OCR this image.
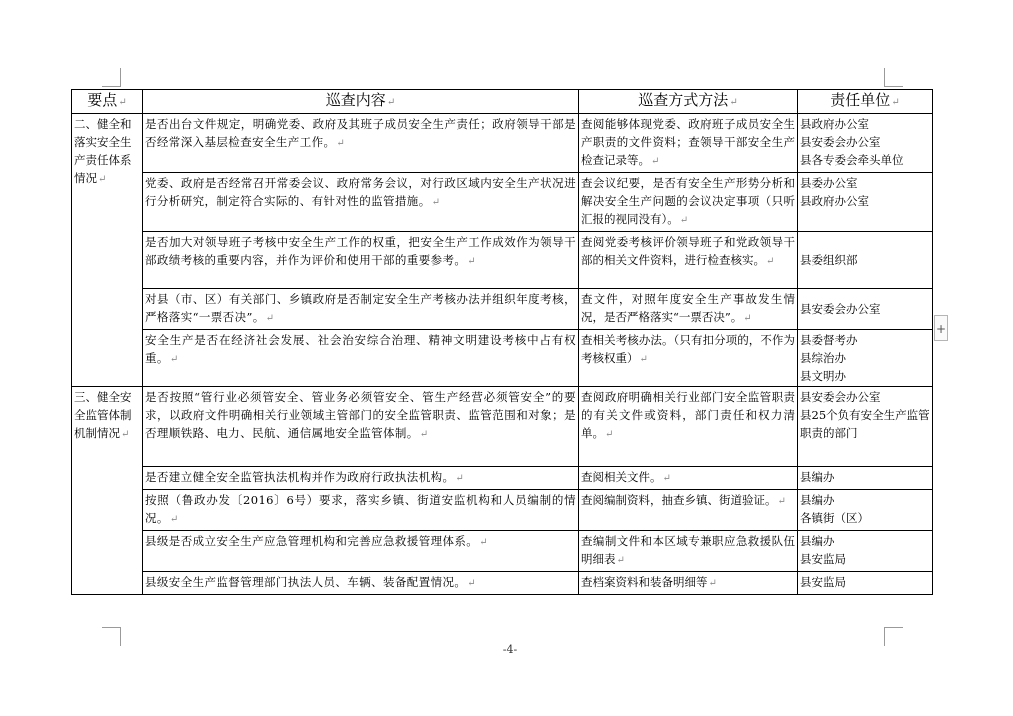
+
要点↵	巡查内容↵	巡查方式方法↵	责任单位↵
二、健全和落实安全生产责任体系情况↵	是否出台文件规定，明确党委、政府及其班子成员安全生产责任；政府领导干部是否经常深入基层检查安全生产工作。↵	查阅能够体现党委、政府班子成员安全生产职责的文件资料；查领导干部安全生产检查记录等。↵	县政府办公室
县安委会办公室
县各专委会牵头单位

	党委、政府是否经常召开常委会议、政府常务会议，对行政区域内安全生产状况进行分析研究，制定符合实际的、有针对性的监管措施。↵	查会议纪要，是否有安全生产形势分析和解决安全生产问题的会议决定事项（只听汇报的视同没有）。↵	县委办公室
县政府办公室

	是否加大对领导班子考核中安全生产工作的权重，把安全生产工作成效作为领导干部政绩考核的重要内容，并作为评价和使用干部的重要参考。↵	查阅党委考核评价领导班子和党政领导干部的相关文件资料，进行检查核实。↵	县委组织部

	对县（市、区）有关部门、乡镇政府是否制定安全生产考核办法并组织年度考核，严格落实“一票否决”。↵	查文件，对照年度安全生产事故发生情况，是否严格落实“一票否决”。↵	县安委会办公室

	安全生产是否在经济社会发展、社会治安综合治理、精神文明建设考核中占有权重。↵	查相关考核办法。（只有扣分项的，不作为考核权重）↵	县委督考办
县综治办
县文明办

三、健全安全监管体制机制情况↵	是否按照“管行业必须管安全、管业务必须管安全、管生产经营必须管安全”的要求，以政府文件明确相关行业领域主管部门的安全监管职责、监管范围和对象；是否理顺铁路、电力、民航、通信属地安全监管体制。↵	查阅政府明确相关行业部门安全监管职责的有关文件或资料，部门责任和权力清单。↵	县安委会办公室
县25个负有安全生产监管职责的部门

	是否建立健全安全监管执法机构并作为政府行政执法机构。↵	查阅相关文件。↵	县编办

	按照（鲁政办发〔2016〕6号）要求，落实乡镇、街道安监机构和人员编制的情况。↵	查阅编制资料，抽查乡镇、街道验证。↵	县编办
各镇街（区）

	县级是否成立安全生产应急管理机构和完善应急救援管理体系。↵	查编制文件和本区域专兼职应急救援队伍明细表↵	县编办
县安监局

	县级安全生产监督管理部门执法人员、车辆、装备配置情况。↵	查档案资料和装备明细等↵	县安监局
-4-
